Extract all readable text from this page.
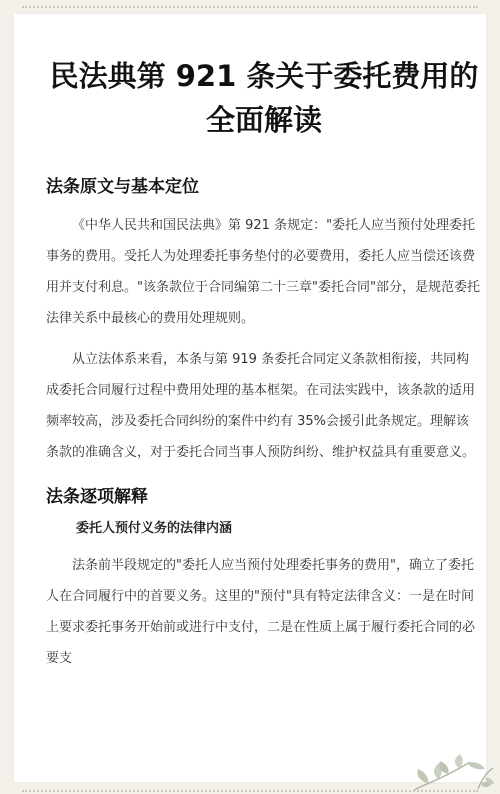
民法典第 921 条关于委托费用的全面解读
法条原文与基本定位

《中华人民共和国民法典》第 921 条规定："委托人应当预付处理委托事务的费用。受托人为处理委托事务垫付的必要费用，委托人应当偿还该费用并支付利息。"该条款位于合同编第二十三章"委托合同"部分，是规范委托法律关系中最核心的费用处理规则。

从立法体系来看，本条与第 919 条委托合同定义条款相衔接，共同构成委托合同履行过程中费用处理的基本框架。在司法实践中，该条款的适用频率较高，涉及委托合同纠纷的案件中约有 35%会援引此条规定。理解该条款的准确含义，对于委托合同当事人预防纠纷、维护权益具有重要意义。

法条逐项解释
委托人预付义务的法律内涵

法条前半段规定的"委托人应当预付处理委托事务的费用"，确立了委托人在合同履行中的首要义务。这里的"预付"具有特定法律含义：一是在时间上要求委托事务开始前或进行中支付，二是在性质上属于履行委托合同的必要支
